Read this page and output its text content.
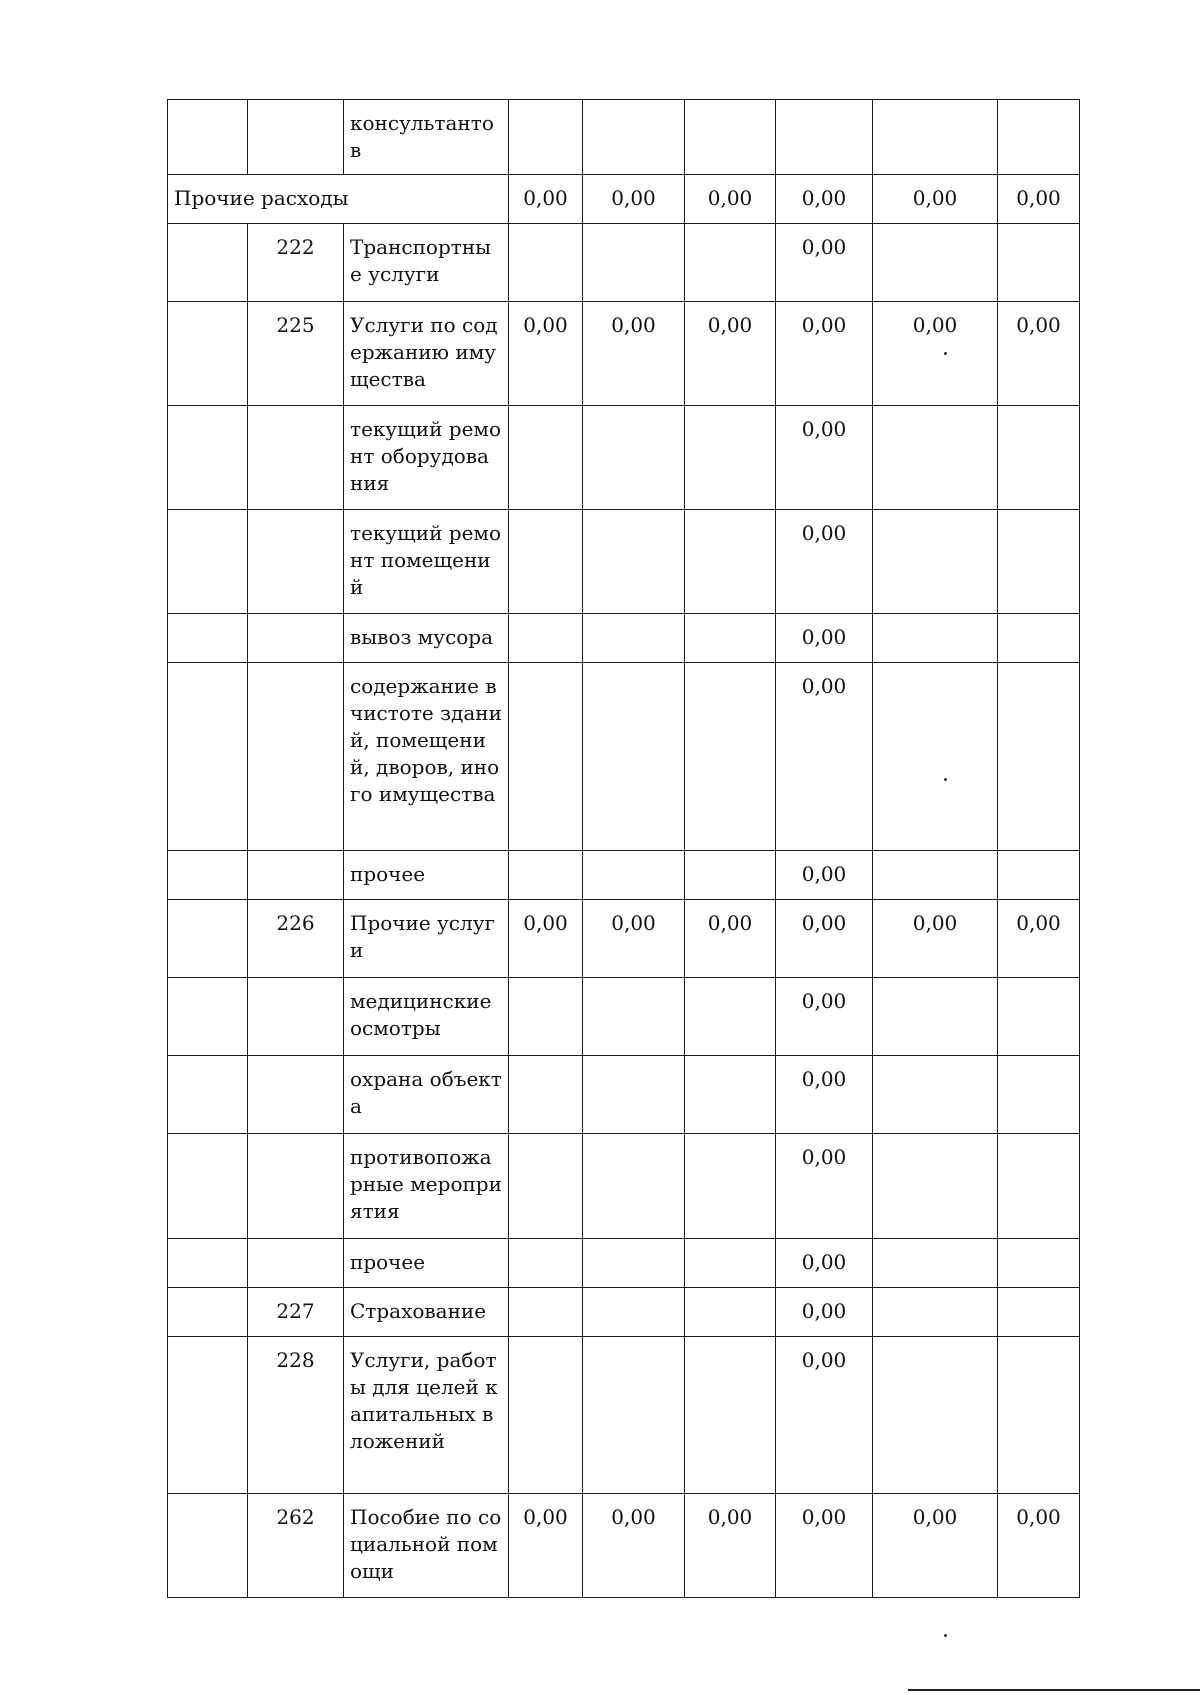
		консультантов						
Прочие расходы			0,00	0,00	0,00	0,00	0,00	0,00
	222	Транспортные услуги				0,00		
	225	Услуги по содержанию имущества	0,00	0,00	0,00	0,00	0,00	0,00
		текущий ремонт оборудования				0,00		
		текущий ремонт помещений				0,00		
		вывоз мусора				0,00		
		содержание в чистоте зданий, помещений, дворов, иного имущества				0,00		
		прочее				0,00		
	226	Прочие услуги	0,00	0,00	0,00	0,00	0,00	0,00
		медицинские осмотры				0,00		
		охрана объекта				0,00		
		противопожарные мероприятия				0,00		
		прочее				0,00		
	227	Страхование				0,00		
	228	Услуги, работы для целей капитальных вложений				0,00		
	262	Пособие по социальной помощи	0,00	0,00	0,00	0,00	0,00	0,00
